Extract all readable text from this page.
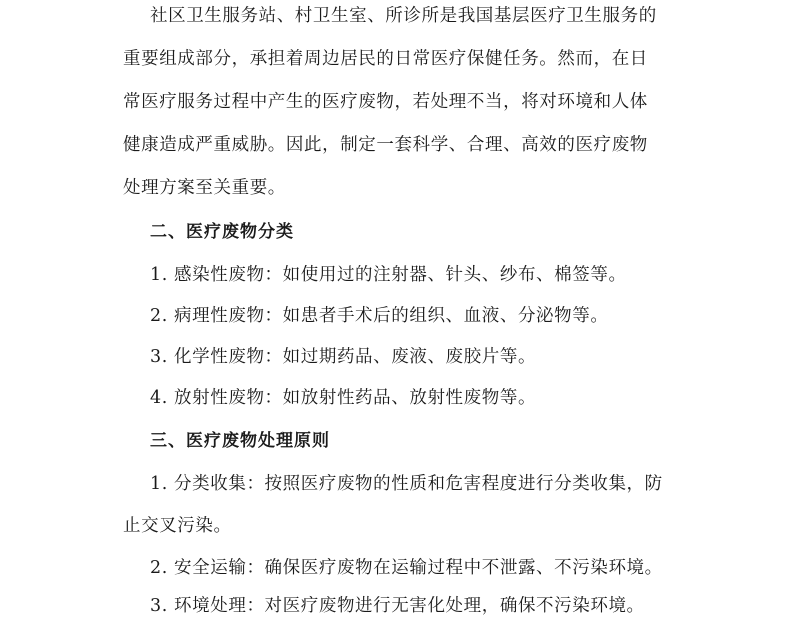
社区卫生服务站、村卫生室、所诊所是我国基层医疗卫生服务的
重要组成部分，承担着周边居民的日常医疗保健任务。然而，在日
常医疗服务过程中产生的医疗废物，若处理不当，将对环境和人体
健康造成严重威胁。因此，制定一套科学、合理、高效的医疗废物
处理方案至关重要。
二、医疗废物分类
1. 感染性废物：如使用过的注射器、针头、纱布、棉签等。
2. 病理性废物：如患者手术后的组织、血液、分泌物等。
3. 化学性废物：如过期药品、废液、废胶片等。
4. 放射性废物：如放射性药品、放射性废物等。
三、医疗废物处理原则
1. 分类收集：按照医疗废物的性质和危害程度进行分类收集，防
止交叉污染。
2. 安全运输：确保医疗废物在运输过程中不泄露、不污染环境。
3. 环境处理：对医疗废物进行无害化处理，确保不污染环境。
